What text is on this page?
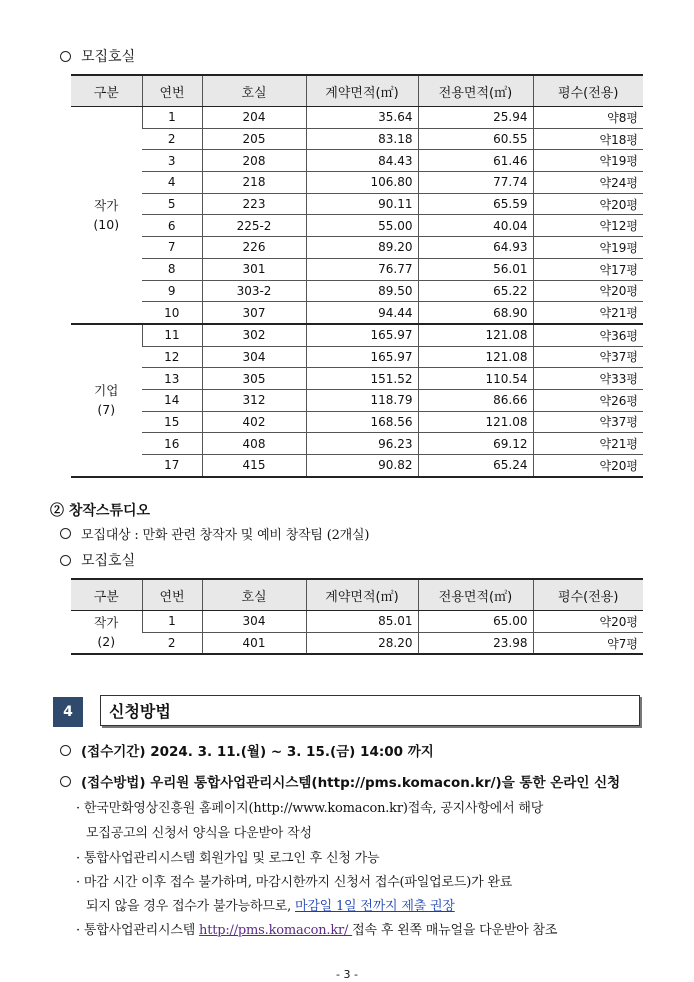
모집호실
구분	연번	호실	계약면적(㎡)	전용면적(㎡)	평수(전용)

작가
(10)	1	204	35.64	25.94	약8평
	2	205	83.18	60.55	약18평
	3	208	84.43	61.46	약19평
	4	218	106.80	77.74	약24평
	5	223	90.11	65.59	약20평
	6	225-2	55.00	40.04	약12평
	7	226	89.20	64.93	약19평
	8	301	76.77	56.01	약17평
	9	303-2	89.50	65.22	약20평
	10	307	94.44	68.90	약21평

기업
(7)	11	302	165.97	121.08	약36평
	12	304	165.97	121.08	약37평
	13	305	151.52	110.54	약33평
	14	312	118.79	86.66	약26평
	15	402	168.56	121.08	약37평
	16	408	96.23	69.12	약21평
	17	415	90.82	65.24	약20평
② 창작스튜디오
모집대상 : 만화 관련 창작자 및 예비 창작팀 (2개실)
모집호실
구분	연번	호실	계약면적(㎡)	전용면적(㎡)	평수(전용)

작가
(2)	1	304	85.01	65.00	약20평
	2	401	28.20	23.98	약7평
4	신청방법
(접수기간) 2024. 3. 11.(월) ~ 3. 15.(금) 14:00 까지
(접수방법) 우리원 통합사업관리시스템(http://pms.komacon.kr/)을 통한 온라인 신청
· 한국만화영상진흥원 홈페이지(http://www.komacon.kr)접속, 공지사항에서 해당
모집공고의 신청서 양식을 다운받아 작성
· 통합사업관리시스템 회원가입 및 로그인 후 신청 가능
· 마감 시간 이후 접수 불가하며, 마감시한까지 신청서 접수(파일업로드)가 완료
되지 않을 경우 접수가 불가능하므로, 마감일 1일 전까지 제출 권장
· 통합사업관리시스템 http://pms.komacon.kr/ 접속 후 왼쪽 매뉴얼을 다운받아 참조
- 3 -
